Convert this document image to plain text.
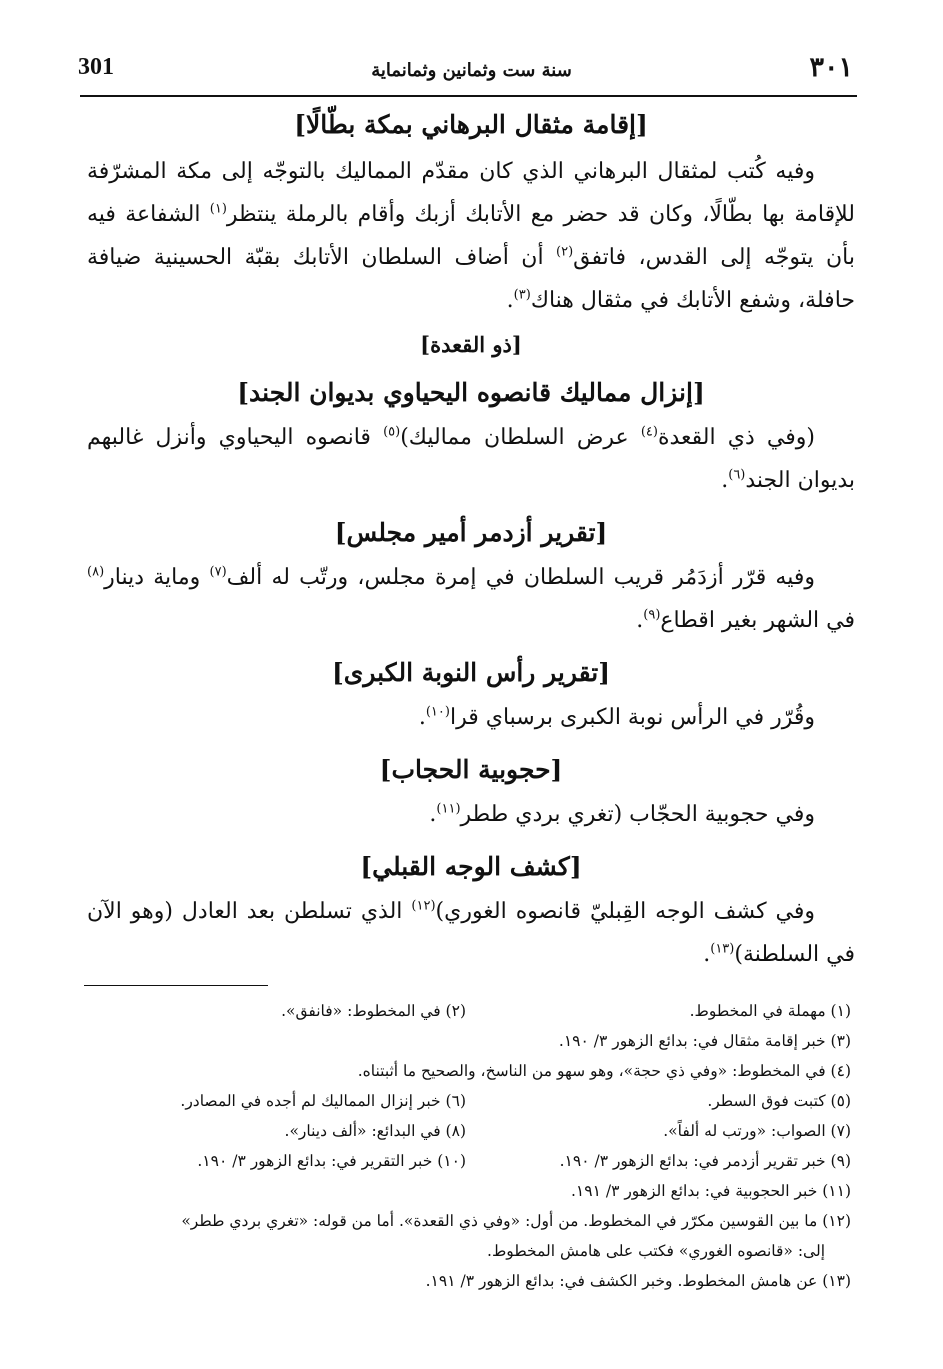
٣٠١
سنة ست وثمانين وثمانماية
301
[إقامة مثقال البرهاني بمكة بطّالًا]

وفيه كُتب لمثقال البرهاني الذي كان مقدّم المماليك بالتوجّه إلى مكة المشرّفة للإقامة بها بطّالًا، وكان قد حضر مع الأتابك أزبك وأقام بالرملة ينتظر$^{(١)}$ الشفاعة فيه بأن يتوجّه إلى القدس، فاتفق$^{(٢)}$ أن أضاف السلطان الأتابك بقبّة الحسينية ضيافة حافلة، وشفع الأتابك في مثقال هناك$^{(٣)}$.

[ذو القعدة]
[إنزال مماليك قانصوه اليحياوي بديوان الجند]

(وفي ذي القعدة$^{(٤)}$ عرض السلطان مماليك)$^{(٥)}$ قانصوه اليحياوي وأنزل غالبهم بديوان الجند$^{(٦)}$.

[تقرير أزدمر أمير مجلس]

وفيه قرّر أزدَمُر قريب السلطان في إمرة مجلس، ورتّب له ألف$^{(٧)}$ وماية دينار$^{(٨)}$ في الشهر بغير اقطاع$^{(٩)}$.

[تقرير رأس النوبة الكبرى]

وقُرّر في الرأس نوبة الكبرى برسباي قرا$^{(١٠)}$.

[حجوبية الحجاب]

وفي حجوبية الحجّاب (تغري بردي ططر$^{(١١)}$.

[كشف الوجه القبلي]

وفي كشف الوجه القِبليّ قانصوه الغوري)$^{(١٢)}$ الذي تسلطن بعد العادل (وهو الآن في السلطنة)$^{(١٣)}$.

(١) مهملة في المخطوط.
(٢) في المخطوط: «فانفق».
(٣) خبر إقامة مثقال في: بدائع الزهور ٣/ ١٩٠.
(٤) في المخطوط: «وفي ذي حجة»، وهو سهو من الناسخ، والصحيح ما أثبتناه.
(٥) كتبت فوق السطر.
(٦) خبر إنزال المماليك لم أجده في المصادر.
(٧) الصواب: «ورتب له ألفاً».
(٨) في البدائع: «ألف دينار».
(٩) خبر تقرير أزدمر في: بدائع الزهور ٣/ ١٩٠.
(١٠) خبر التقرير في: بدائع الزهور ٣/ ١٩٠.
(١١) خبر الحجوبية في: بدائع الزهور ٣/ ١٩١.
(١٢) ما بين القوسين مكرّر في المخطوط. من أول: «وفي ذي القعدة». أما من قوله: «تغري بردي ططر»
إلى: «قانصوه الغوري» فكتب على هامش المخطوط.
(١٣) عن هامش المخطوط. وخبر الكشف في: بدائع الزهور ٣/ ١٩١.
